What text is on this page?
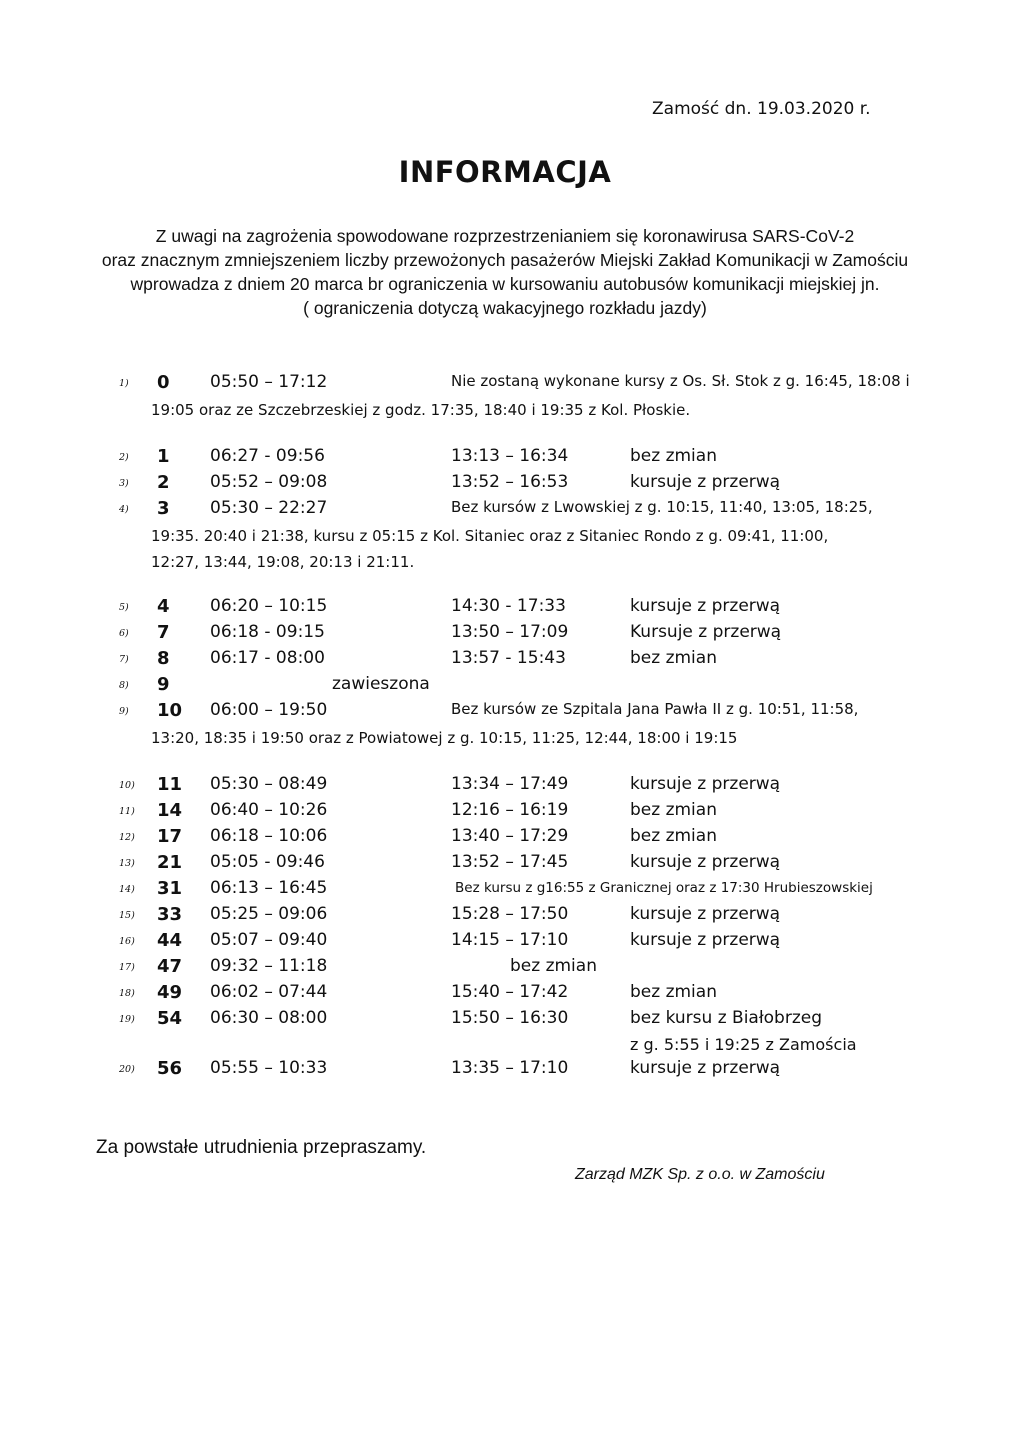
Zamość dn. 19.03.2020 r.
INFORMACJA
Z uwagi na zagrożenia spowodowane rozprzestrzenianiem się koronawirusa SARS-CoV-2
oraz znacznym zmniejszeniem liczby przewożonych pasażerów Miejski Zakład Komunikacji w Zamościu
wprowadza z dniem 20 marca br ograniczenia w kursowaniu autobusów komunikacji miejskiej jn.
( ograniczenia dotyczą wakacyjnego rozkładu jazdy)
1)	0 05:50 – 17:12	Nie zostaną wykonane kursy z Os. Sł. Stok z g. 16:45, 18:08 i
19:05 oraz ze Szczebrzeskiej z godz. 17:35, 18:40 i 19:35 z Kol. Płoskie.
2)	1 06:27 - 09:56	13:13 – 16:34	bez zmian
3)	2 05:52 – 09:08	13:52 – 16:53	kursuje z przerwą
4)	3 05:30 – 22:27	Bez kursów z Lwowskiej z g. 10:15, 11:40, 13:05, 18:25,
19:35. 20:40 i 21:38, kursu z 05:15 z Kol. Sitaniec oraz z Sitaniec Rondo z g. 09:41, 11:00,
12:27, 13:44, 19:08, 20:13 i 21:11.
5)	4 06:20 – 10:15	14:30 - 17:33	kursuje z przerwą
6)	7 06:18 - 09:15	13:50 – 17:09	Kursuje z przerwą
7)	8 06:17 - 08:00	13:57 - 15:43	bez zmian
8)	9	zawieszona
9)	10 06:00 – 19:50	Bez kursów ze Szpitala Jana Pawła II z g. 10:51, 11:58,
13:20, 18:35 i 19:50 oraz z Powiatowej z g. 10:15, 11:25, 12:44, 18:00 i 19:15
10)	11 05:30 – 08:49	13:34 – 17:49	kursuje z przerwą
11)	14 06:40 – 10:26	12:16 – 16:19	bez zmian
12)	17 06:18 – 10:06	13:40 – 17:29	bez zmian
13)	21 05:05 - 09:46	13:52 – 17:45	kursuje z przerwą
14)	31 06:13 – 16:45	Bez kursu z g16:55 z Granicznej oraz z 17:30 Hrubieszowskiej
15)	33 05:25 – 09:06	15:28 – 17:50	kursuje z przerwą
16)	44 05:07 – 09:40	14:15 – 17:10	kursuje z przerwą
17)	47 09:32 – 11:18	bez zmian
18)	49 06:02 – 07:44	15:40 – 17:42	bez zmian
19)	54 06:30 – 08:00	15:50 – 16:30	bez kursu z Białobrzeg
z g. 5:55 i 19:25 z Zamościa
20)	56 05:55 – 10:33	13:35 – 17:10	kursuje z przerwą
Za powstałe utrudnienia przepraszamy.
Zarząd MZK Sp. z o.o. w Zamościu
